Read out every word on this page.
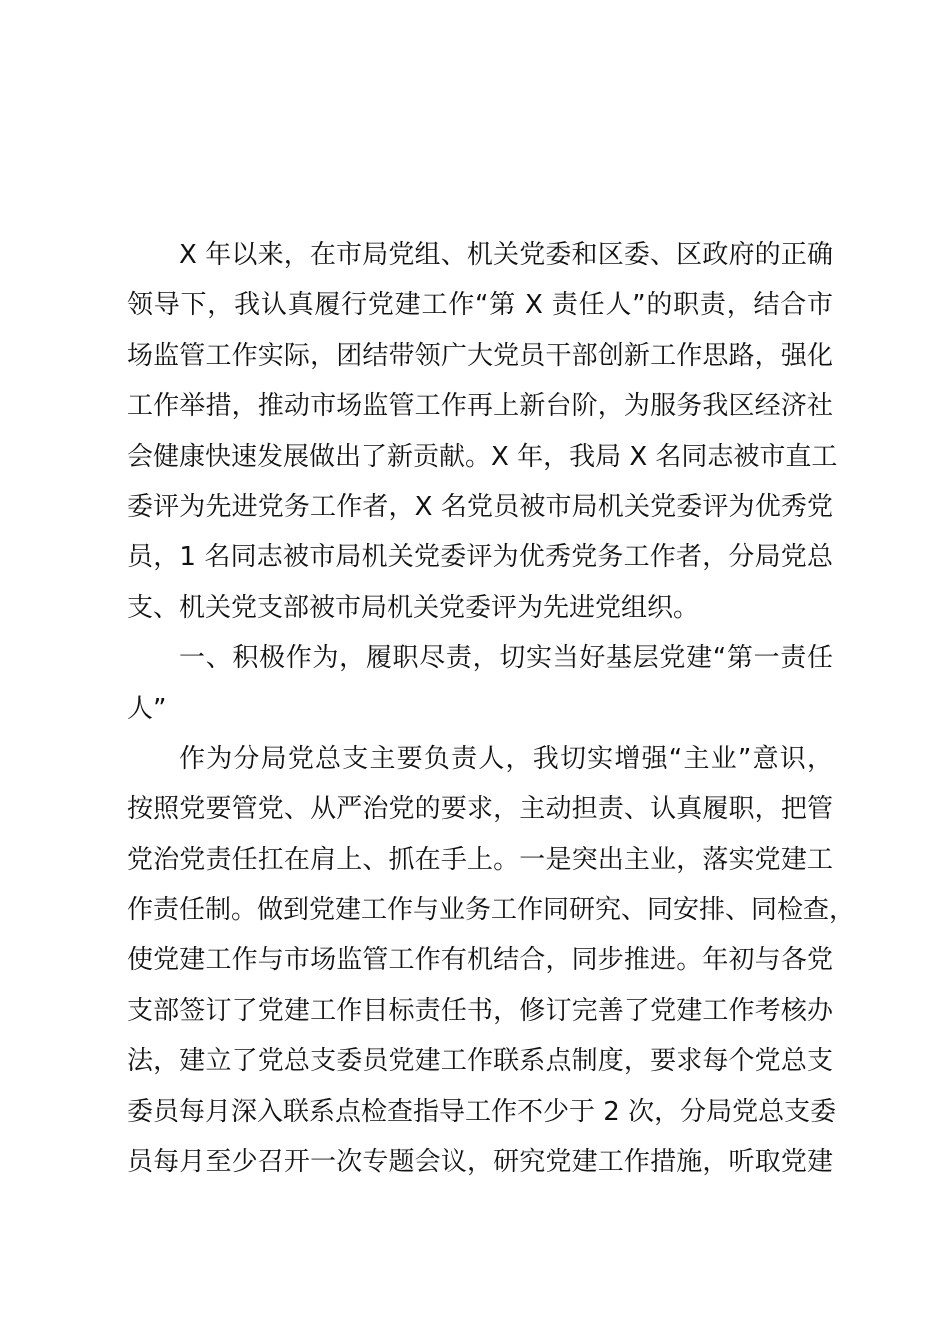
X 年以来，在市局党组、机关党委和区委、区政府的正确
领导下，我认真履行党建工作“第 X 责任人”的职责，结合市
场监管工作实际，团结带领广大党员干部创新工作思路，强化
工作举措，推动市场监管工作再上新台阶，为服务我区经济社
会健康快速发展做出了新贡献。X 年，我局 X 名同志被市直工
委评为先进党务工作者，X 名党员被市局机关党委评为优秀党
员，1 名同志被市局机关党委评为优秀党务工作者，分局党总
支、机关党支部被市局机关党委评为先进党组织。
一、积极作为，履职尽责，切实当好基层党建“第一责任
人”
作为分局党总支主要负责人，我切实增强“主业”意识，
按照党要管党、从严治党的要求，主动担责、认真履职，把管
党治党责任扛在肩上、抓在手上。一是突出主业，落实党建工
作责任制。做到党建工作与业务工作同研究、同安排、同检查，
使党建工作与市场监管工作有机结合，同步推进。年初与各党
支部签订了党建工作目标责任书，修订完善了党建工作考核办
法，建立了党总支委员党建工作联系点制度，要求每个党总支
委员每月深入联系点检查指导工作不少于 2 次，分局党总支委
员每月至少召开一次专题会议，研究党建工作措施，听取党建
